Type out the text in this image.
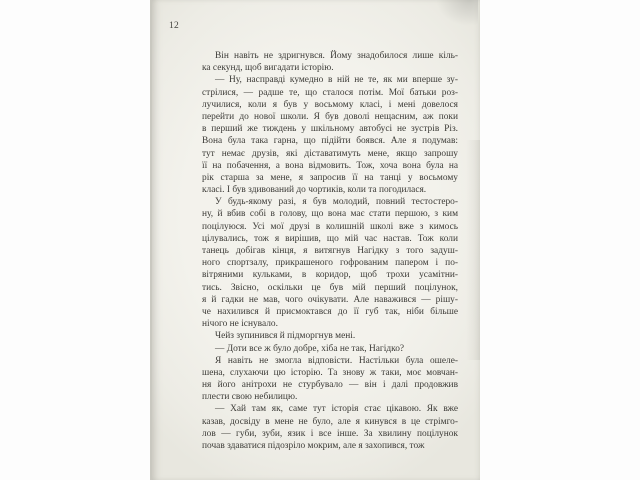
12
Він навіть не здригнувся. Йому знадобилося лише кіль-
ка секунд, щоб вигадати історію.
— Ну, насправді кумедно в ній не те, як ми вперше зу-
стрілися, — радше те, що сталося потім. Мої батьки роз-
лучилися, коли я був у восьмому класі, і мені довелося
перейти до нової школи. Я був доволі нещасним, аж поки
в перший же тиждень у шкільному автобусі не зустрів Різ.
Вона була така гарна, що підійти боявся. Але я подумав:
тут немає друзів, які діставатимуть мене, якщо запрошу
її на побачення, а вона відмовить. Тож, хоча вона була на
рік старша за мене, я запросив її на танці у восьмому
класі. І був здивований до чортиків, коли та погодилася.
У будь-якому разі, я був молодий, повний тестостеро-
ну, й вбив собі в голову, що вона має стати першою, з ким
поцілуюся. Усі мої друзі в колишній школі вже з кимось
цілувались, тож я вирішив, що мій час настав. Тож коли
танець добігав кінця, я витягнув Нагідку з того задуш-
ного спортзалу, прикрашеного гофрованим папером і по-
вітряними кульками, в коридор, щоб трохи усамітни-
тись. Звісно, оскільки це був мій перший поцілунок,
я й гадки не мав, чого очікувати. Але наважився — рішу-
че нахилився й присмоктався до її губ так, ніби більше
нічого не існувало.
Чейз зупинився й підморгнув мені.
— Доти все ж було добре, хіба не так, Нагідко?
Я навіть не змогла відповісти. Настільки була ошеле-
шена, слухаючи цю історію. Та знову ж таки, моє мовчан-
ня його анітрохи не стурбувало — він і далі продовжив
плести свою небилицю.
— Хай там як, саме тут історія стає цікавою. Як вже
казав, досвіду в мене не було, але я кинувся в це стрімго-
лов — губи, зуби, язик і все інше. За хвилину поцілунок
почав здаватися підозріло мокрим, але я захопився, тож
